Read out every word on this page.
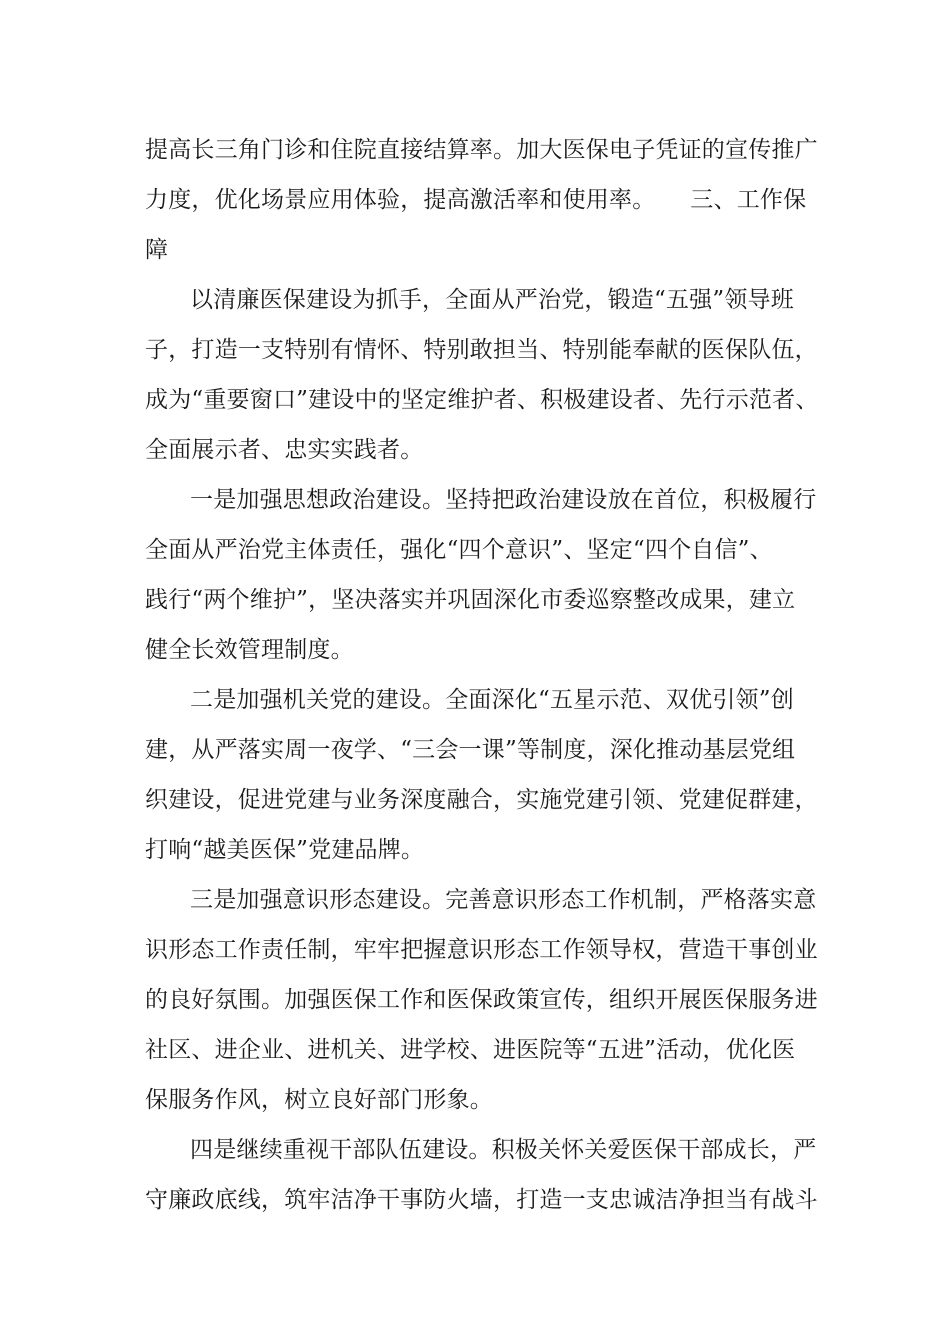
提高长三角门诊和住院直接结算率。加大医保电子凭证的宣传推广
力度，优化场景应用体验，提高激活率和使用率。　　三、工作保
障
以清廉医保建设为抓手，全面从严治党，锻造“五强”领导班
子，打造一支特别有情怀、特别敢担当、特别能奉献的医保队伍，
成为“重要窗口”建设中的坚定维护者、积极建设者、先行示范者、
全面展示者、忠实实践者。
一是加强思想政治建设。坚持把政治建设放在首位，积极履行
全面从严治党主体责任，强化“四个意识”、坚定“四个自信”、
践行“两个维护”，坚决落实并巩固深化市委巡察整改成果，建立
健全长效管理制度。
二是加强机关党的建设。全面深化“五星示范、双优引领”创
建，从严落实周一夜学、“三会一课”等制度，深化推动基层党组
织建设，促进党建与业务深度融合，实施党建引领、党建促群建，
打响“越美医保”党建品牌。
三是加强意识形态建设。完善意识形态工作机制，严格落实意
识形态工作责任制，牢牢把握意识形态工作领导权，营造干事创业
的良好氛围。加强医保工作和医保政策宣传，组织开展医保服务进
社区、进企业、进机关、进学校、进医院等“五进”活动，优化医
保服务作风，树立良好部门形象。
四是继续重视干部队伍建设。积极关怀关爱医保干部成长，严
守廉政底线，筑牢洁净干事防火墙，打造一支忠诚洁净担当有战斗
